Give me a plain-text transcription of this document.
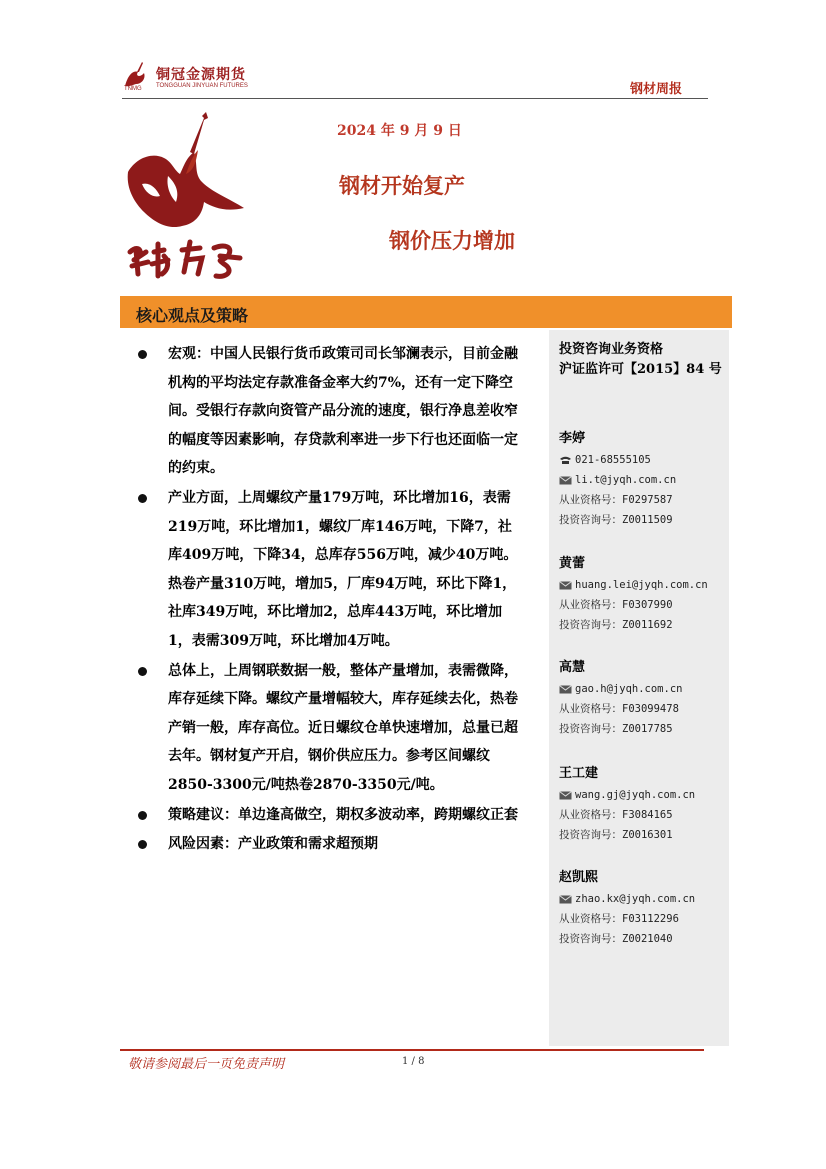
TNMG
铜冠金源期货
TONGGUAN JINYUAN FUTURES	钢材周报
2024 年 9 月 9 日
钢材开始复产
钢价压力增加
核心观点及策略
宏观：中国人民银行货币政策司司长邹澜表示，目前金融机构的平均法定存款准备金率大约7%，还有一定下降空间。受银行存款向资管产品分流的速度，银行净息差收窄的幅度等因素影响，存贷款利率进一步下行也还面临一定的约束。
产业方面，上周螺纹产量179万吨，环比增加16，表需219万吨，环比增加1，螺纹厂库146万吨，下降7，社库409万吨，下降34，总库存556万吨，减少40万吨。热卷产量310万吨，增加5，厂库94万吨，环比下降1，社库349万吨，环比增加2，总库443万吨，环比增加1，表需309万吨，环比增加4万吨。
总体上，上周钢联数据一般，整体产量增加，表需微降，库存延续下降。螺纹产量增幅较大，库存延续去化，热卷产销一般，库存高位。近日螺纹仓单快速增加，总量已超去年。钢材复产开启，钢价供应压力。参考区间螺纹2850-3300元/吨热卷2870-3350元/吨。
策略建议：单边逢高做空，期权多波动率，跨期螺纹正套
风险因素：产业政策和需求超预期
投资咨询业务资格
沪证监许可【2015】84 号
李婷
021-68555105
li.t@jyqh.com.cn
从业资格号： F0297587
投资咨询号： Z0011509
黄蕾
huang.lei@jyqh.com.cn
从业资格号： F0307990
投资咨询号： Z0011692
高慧
gao.h@jyqh.com.cn
从业资格号： F03099478
投资咨询号： Z0017785
王工建
wang.gj@jyqh.com.cn
从业资格号： F3084165
投资咨询号： Z0016301
赵凯熙
zhao.kx@jyqh.com.cn
从业资格号： F03112296
投资咨询号： Z0021040
敬请参阅最后一页免责声明	1 / 8
